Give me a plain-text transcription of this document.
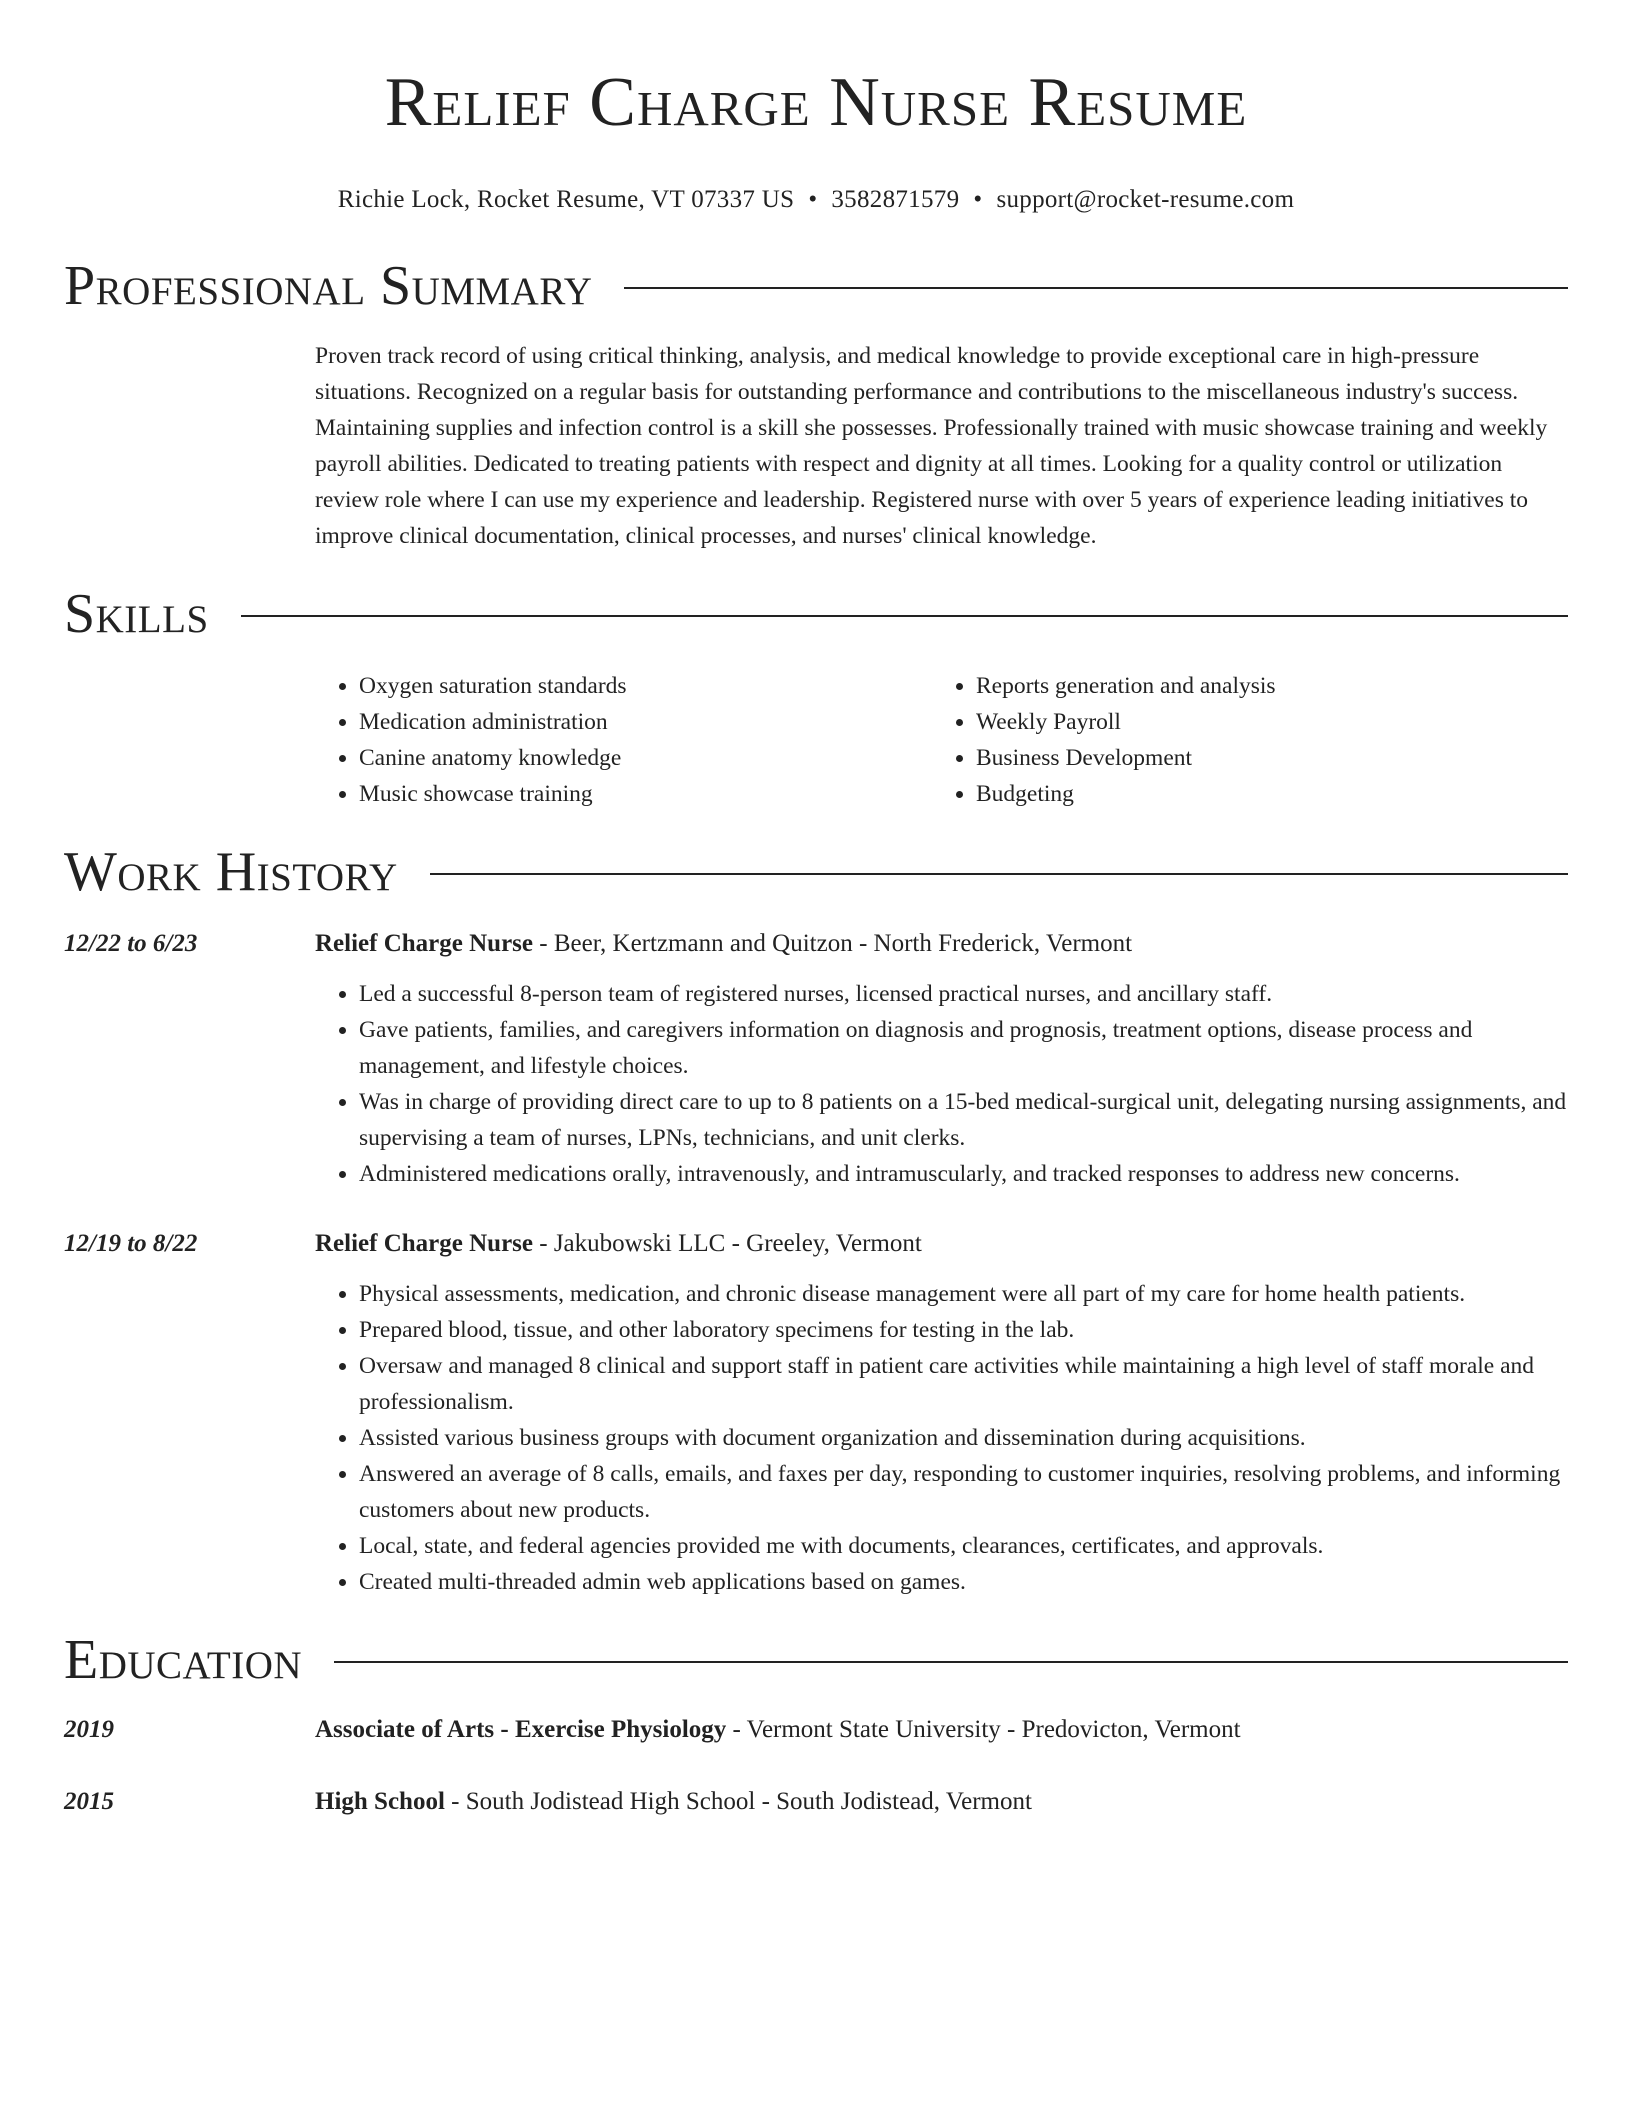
Relief Charge Nurse Resume
Richie Lock, Rocket Resume, VT 07337 US • 3582871579 • support@rocket-resume.com
Professional Summary
Proven track record of using critical thinking, analysis, and medical knowledge to provide exceptional care in high-pressure situations. Recognized on a regular basis for outstanding performance and contributions to the miscellaneous industry's success. Maintaining supplies and infection control is a skill she possesses. Professionally trained with music showcase training and weekly payroll abilities. Dedicated to treating patients with respect and dignity at all times. Looking for a quality control or utilization review role where I can use my experience and leadership. Registered nurse with over 5 years of experience leading initiatives to improve clinical documentation, clinical processes, and nurses' clinical knowledge.
Skills
• Oxygen saturation standards
• Medication administration
• Canine anatomy knowledge
• Music showcase training
• Reports generation and analysis
• Weekly Payroll
• Business Development
• Budgeting
Work History
12/22 to 6/23	Relief Charge Nurse - Beer, Kertzmann and Quitzon - North Frederick, Vermont
• Led a successful 8-person team of registered nurses, licensed practical nurses, and ancillary staff.
• Gave patients, families, and caregivers information on diagnosis and prognosis, treatment options, disease process and management, and lifestyle choices.
• Was in charge of providing direct care to up to 8 patients on a 15-bed medical-surgical unit, delegating nursing assignments, and supervising a team of nurses, LPNs, technicians, and unit clerks.
• Administered medications orally, intravenously, and intramuscularly, and tracked responses to address new concerns.
12/19 to 8/22	Relief Charge Nurse - Jakubowski LLC - Greeley, Vermont
• Physical assessments, medication, and chronic disease management were all part of my care for home health patients.
• Prepared blood, tissue, and other laboratory specimens for testing in the lab.
• Oversaw and managed 8 clinical and support staff in patient care activities while maintaining a high level of staff morale and professionalism.
• Assisted various business groups with document organization and dissemination during acquisitions.
• Answered an average of 8 calls, emails, and faxes per day, responding to customer inquiries, resolving problems, and informing customers about new products.
• Local, state, and federal agencies provided me with documents, clearances, certificates, and approvals.
• Created multi-threaded admin web applications based on games.
Education
2019	Associate of Arts - Exercise Physiology - Vermont State University - Predovicton, Vermont
2015	High School - South Jodistead High School - South Jodistead, Vermont
